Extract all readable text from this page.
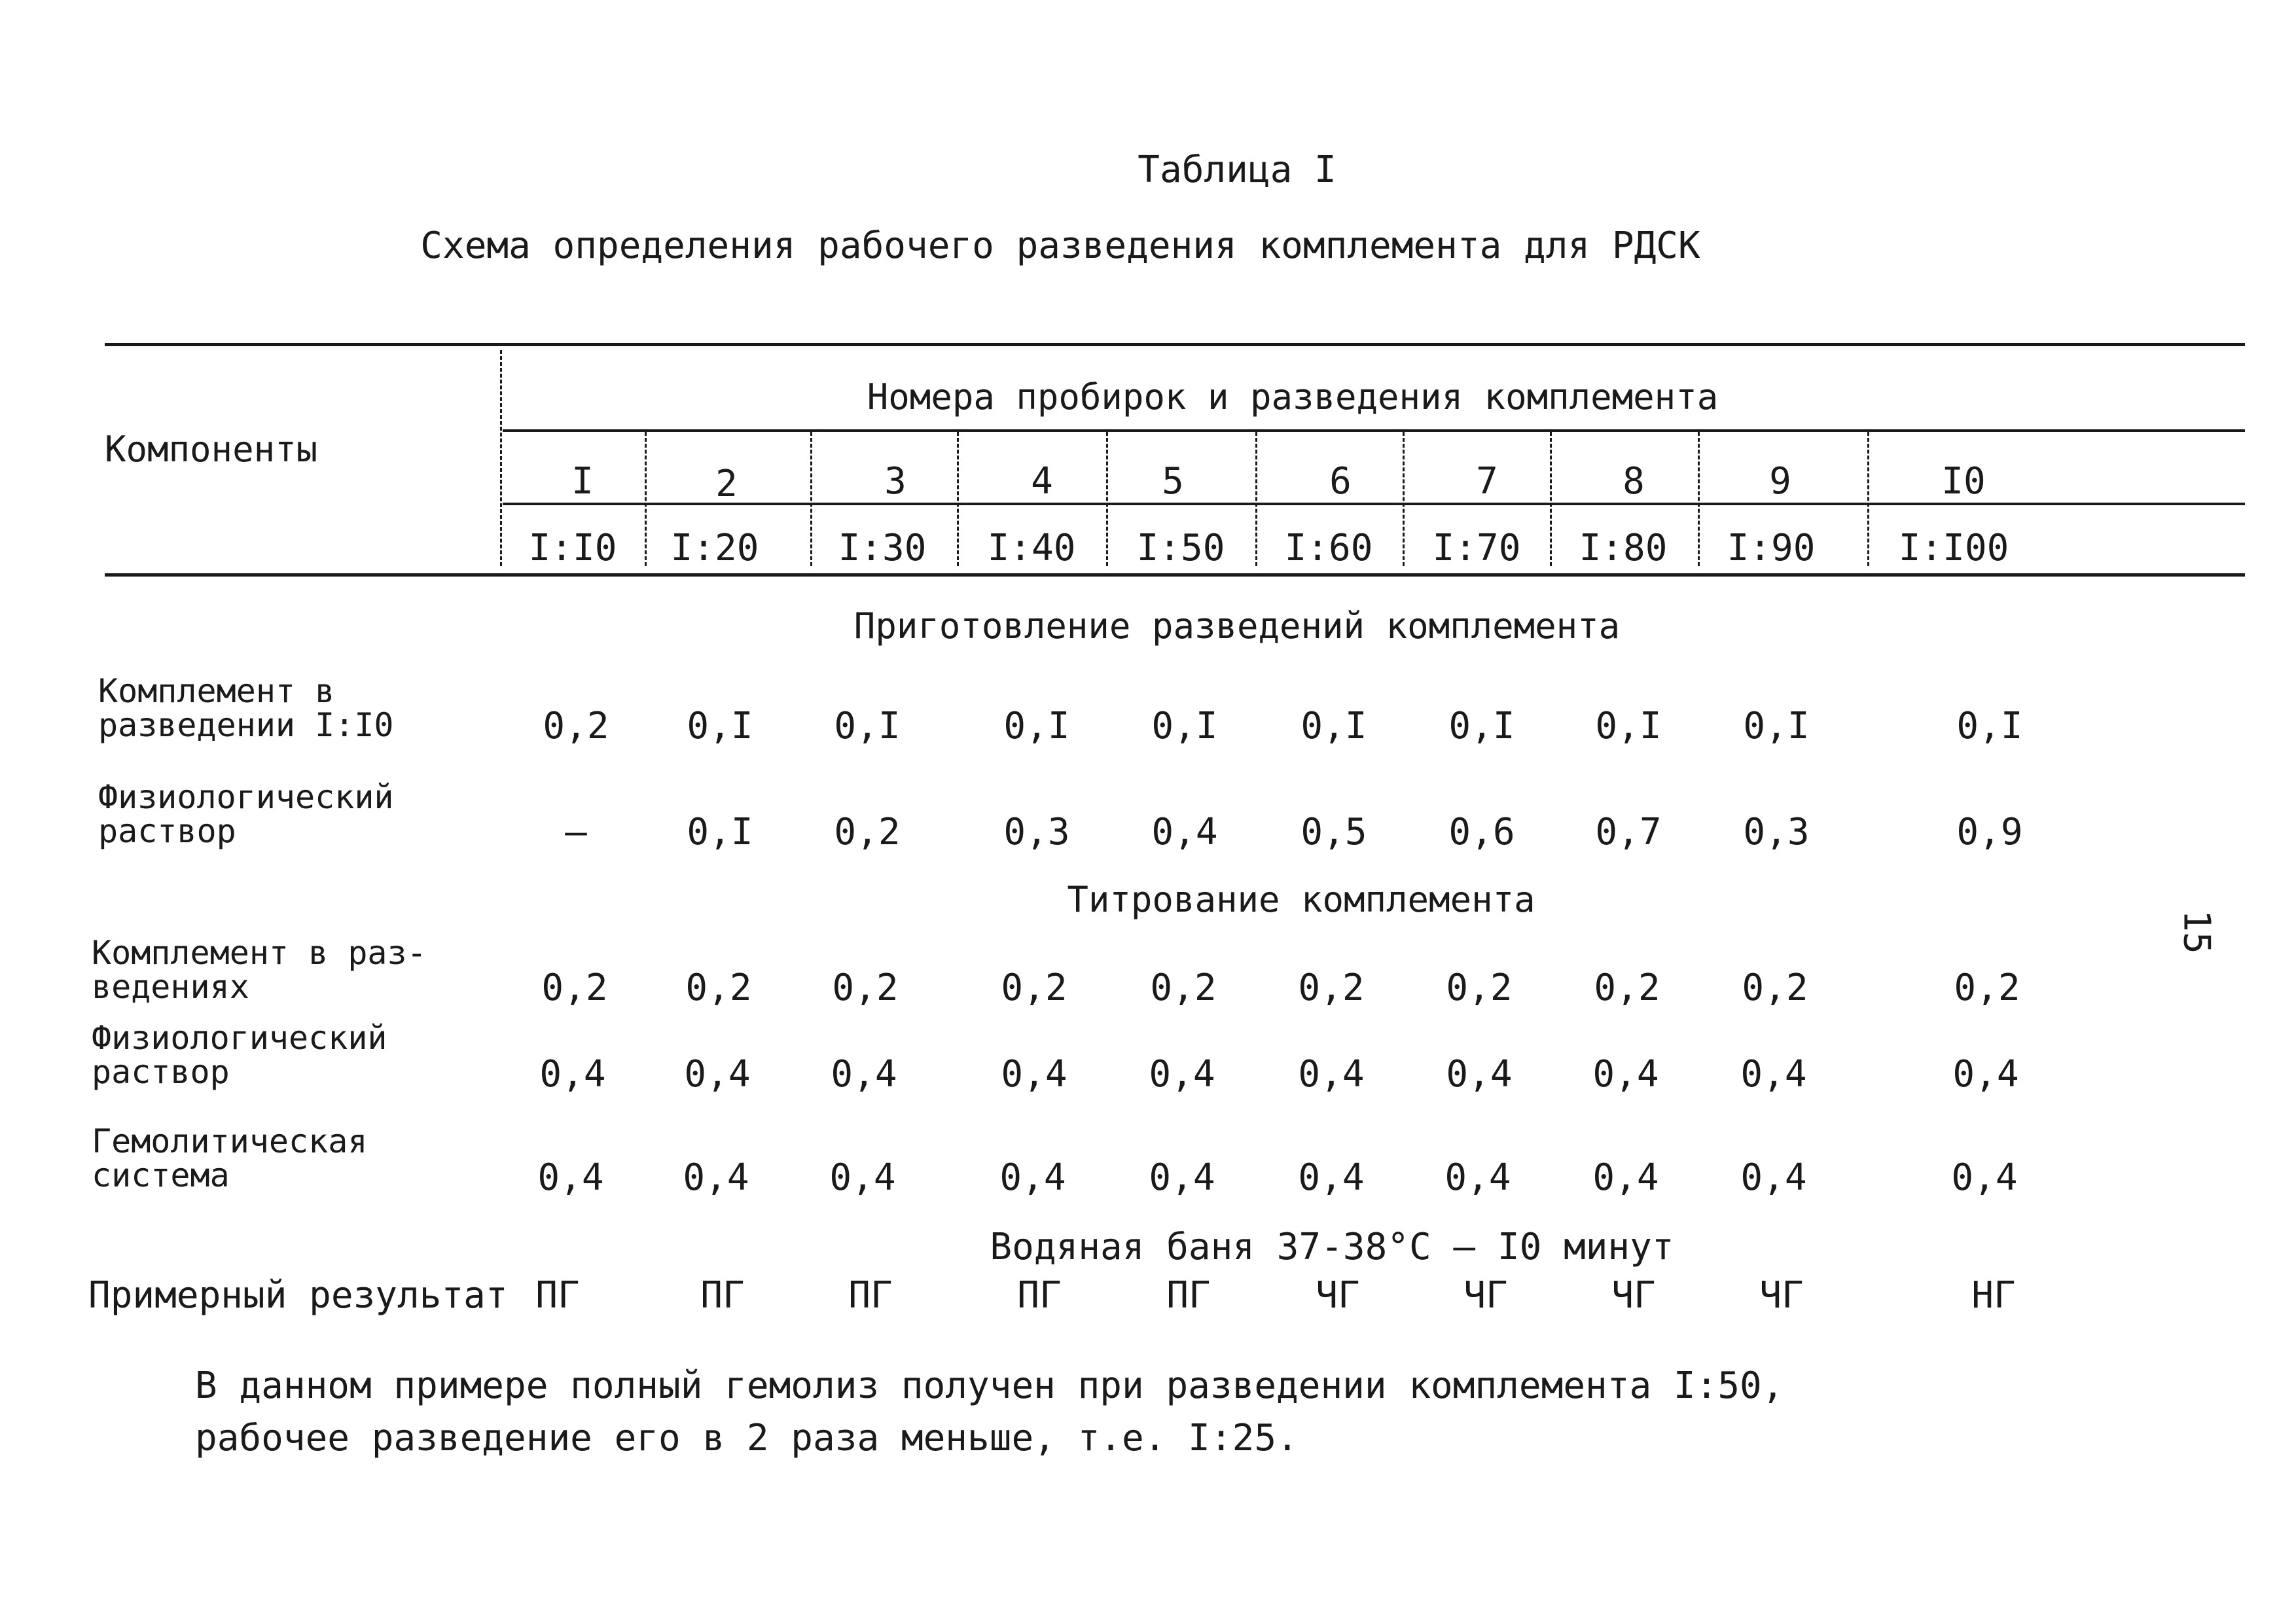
Таблица I
Схема определения рабочего разведения комплемента для РДСК
Компоненты
Номера пробирок и разведения комплемента
I	2	3	4	5	6	7	8	9	I0
I:I0 I:20 I:30 I:40 I:50 I:60 I:70 I:80 I:90 I:I00
Приготовление разведений комплемента
Комплемент в разведении I:I0	0,2 0,I 0,I	0,I 0,I 0,I 0,I 0,I 0,I	0,I
Физиологический раствор	–	0,I 0,2	0,3 0,4 0,5 0,6 0,7 0,3	0,9
Титрование комплемента
Комплемент в раз-ведениях	0,2 0,2 0,2	0,2 0,2 0,2 0,2 0,2 0,2	0,2
Физиологический раствор	0,4 0,4 0,4	0,4 0,4 0,4 0,4 0,4 0,4	0,4
Гемолитическая система	0,4 0,4 0,4	0,4 0,4 0,4 0,4 0,4 0,4	0,4
Водяная баня 37-38°С – I0 минут
Примерный результат ПГ	ПГ	ПГ	ПГ	ПГ	ЧГ	ЧГ	ЧГ	ЧГ	НГ
В данном примере полный гемолиз получен при разведении комплемента I:50,
рабочее разведение его в 2 раза меньше, т.е. I:25.
15
